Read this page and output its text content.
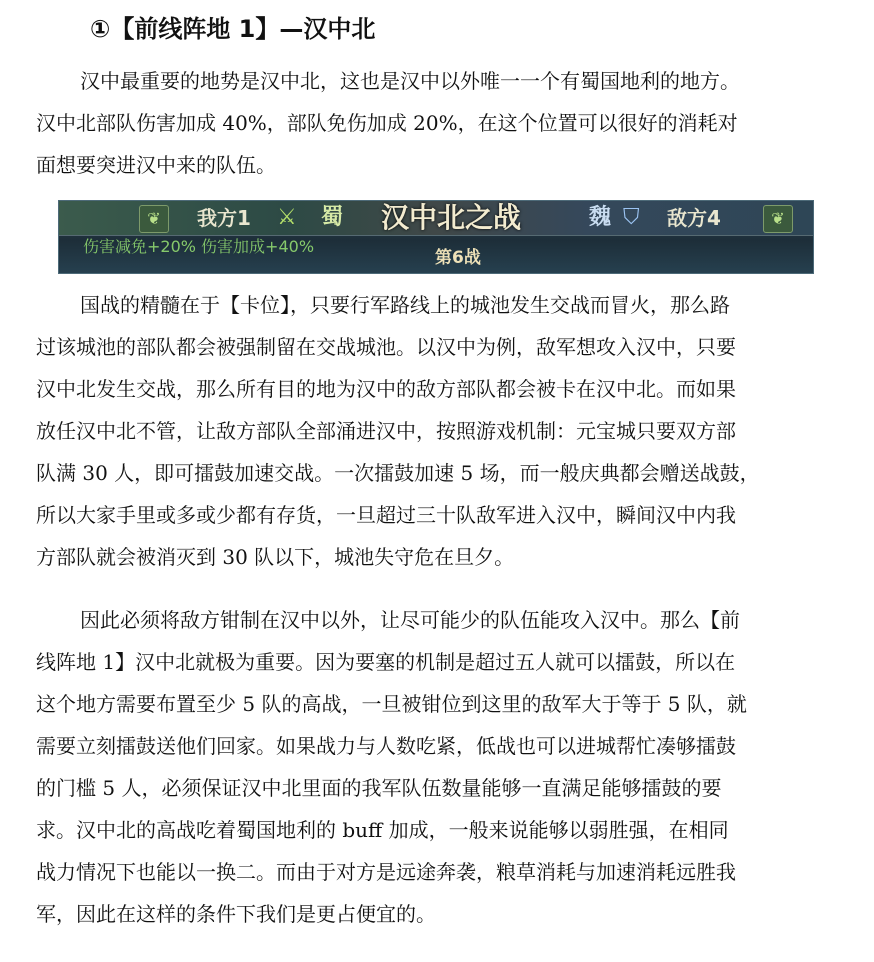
①【前线阵地 1】—汉中北
汉中最重要的地势是汉中北，这也是汉中以外唯一一个有蜀国地利的地方。
汉中北部队伤害加成 40%，部队免伤加成 20%，在这个位置可以很好的消耗对
面想要突进汉中来的队伍。
❦	我方1 ⚔ 蜀 汉中北之战	魏 ⛉ 敌方4	❦
伤害减免+20% 伤害加成+40%
第6战
国战的精髓在于【卡位】，只要行军路线上的城池发生交战而冒火，那么路
过该城池的部队都会被强制留在交战城池。以汉中为例，敌军想攻入汉中，只要
汉中北发生交战，那么所有目的地为汉中的敌方部队都会被卡在汉中北。而如果
放任汉中北不管，让敌方部队全部涌进汉中，按照游戏机制：元宝城只要双方部
队满 30 人，即可擂鼓加速交战。一次擂鼓加速 5 场，而一般庆典都会赠送战鼓，
所以大家手里或多或少都有存货，一旦超过三十队敌军进入汉中，瞬间汉中内我
方部队就会被消灭到 30 队以下，城池失守危在旦夕。
因此必须将敌方钳制在汉中以外，让尽可能少的队伍能攻入汉中。那么【前
线阵地 1】汉中北就极为重要。因为要塞的机制是超过五人就可以擂鼓，所以在
这个地方需要布置至少 5 队的高战，一旦被钳位到这里的敌军大于等于 5 队，就
需要立刻擂鼓送他们回家。如果战力与人数吃紧，低战也可以进城帮忙凑够擂鼓
的门槛 5 人，必须保证汉中北里面的我军队伍数量能够一直满足能够擂鼓的要
求。汉中北的高战吃着蜀国地利的 buff 加成，一般来说能够以弱胜强，在相同
战力情况下也能以一换二。而由于对方是远途奔袭，粮草消耗与加速消耗远胜我
军，因此在这样的条件下我们是更占便宜的。
